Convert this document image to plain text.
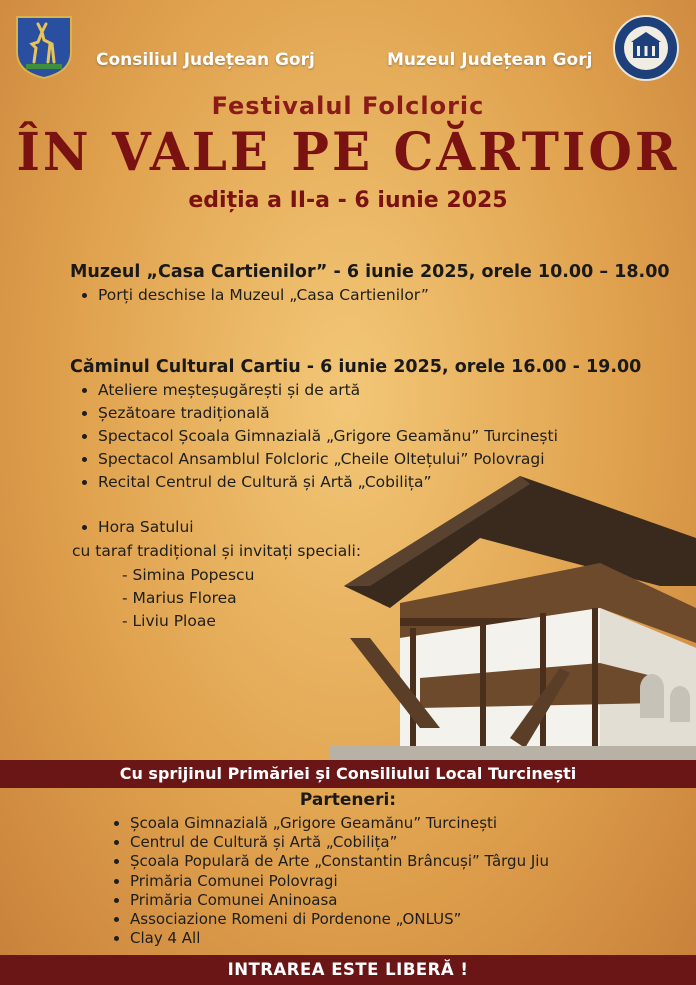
Consiliul Județean Gorj	Muzeul Județean Gorj
Festivalul Folcloric
ÎN VALE PE CĂRTIOR
ediția a II-a - 6 iunie 2025
Muzeul „Casa Cartienilor” - 6 iunie 2025, orele 10.00 – 18.00
• Porți deschise la Muzeul „Casa Cartienilor”
Căminul Cultural Cartiu - 6 iunie 2025, orele 16.00 - 19.00
• Ateliere meșteșugărești și de artă
• Șezătoare tradițională
• Spectacol Școala Gimnazială „Grigore Geamănu” Turcinești
• Spectacol Ansamblul Folcloric „Cheile Oltețului” Polovragi
• Recital Centrul de Cultură și Artă „Cobilița”
• Hora Satului
cu taraf tradițional și invitați speciali:
- Simina Popescu
- Marius Florea
- Liviu Ploae
Cu sprijinul Primăriei și Consiliului Local Turcinești
Parteneri:
• Școala Gimnazială „Grigore Geamănu” Turcinești
• Centrul de Cultură și Artă „Cobilița”
• Școala Populară de Arte „Constantin Brâncuși” Târgu Jiu
• Primăria Comunei Polovragi
• Primăria Comunei Aninoasa
• Associazione Romeni di Pordenone „ONLUS”
• Clay 4 All
INTRAREA ESTE LIBERĂ !
